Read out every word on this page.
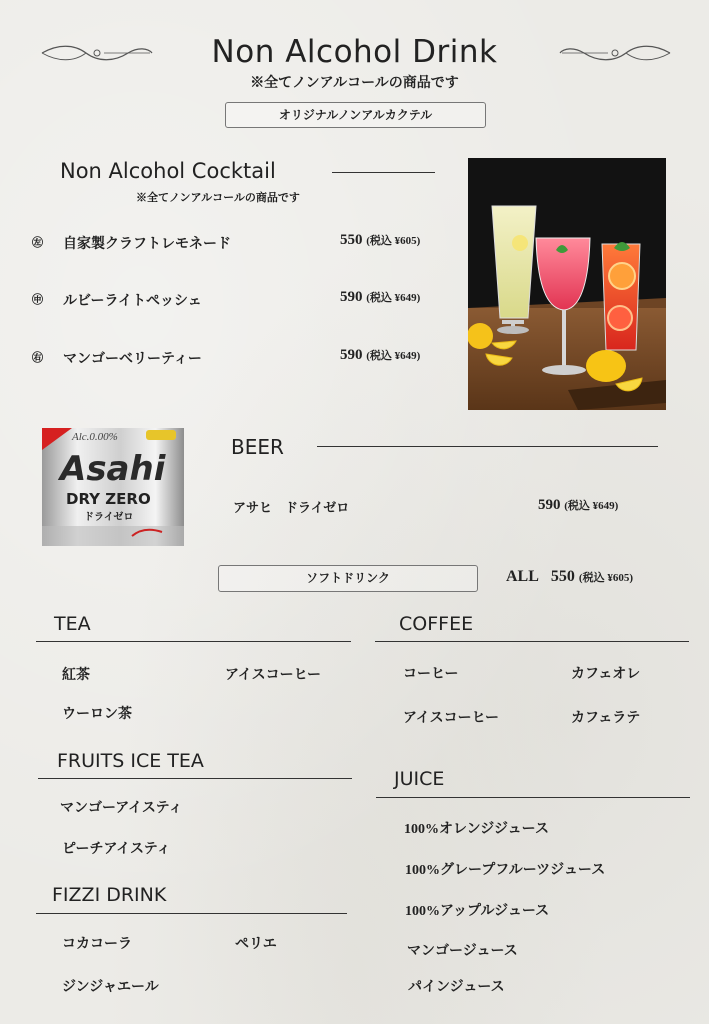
Non Alcohol Drink
※全てノンアルコールの商品です
オリジナルノンアルカクテル
Non Alcohol Cocktail
※全てノンアルコールの商品です
㊧ 自家製クラフトレモネード	550 (税込 ¥605)
㊥ ルビーライトペッシェ	590 (税込 ¥649)
㊨ マンゴーベリーティー	590 (税込 ¥649)
Alc.0.00%
Asahi
DRY ZERO
ドライゼロ
BEER
アサヒ　ドライゼロ	590 (税込 ¥649)
ソフトドリンク	ALL 550 (税込 ¥605)
TEA
紅茶	アイスコーヒー
ウーロン茶
COFFEE
コーヒー	カフェオレ
アイスコーヒー	カフェラテ
FRUITS ICE TEA
マンゴーアイスティ
ピーチアイスティ
JUICE
100%オレンジジュース
100%グレープフルーツジュース
100%アップルジュース
マンゴージュース
パインジュース
FIZZI DRINK
コカコーラ	ペリエ
ジンジャエール
